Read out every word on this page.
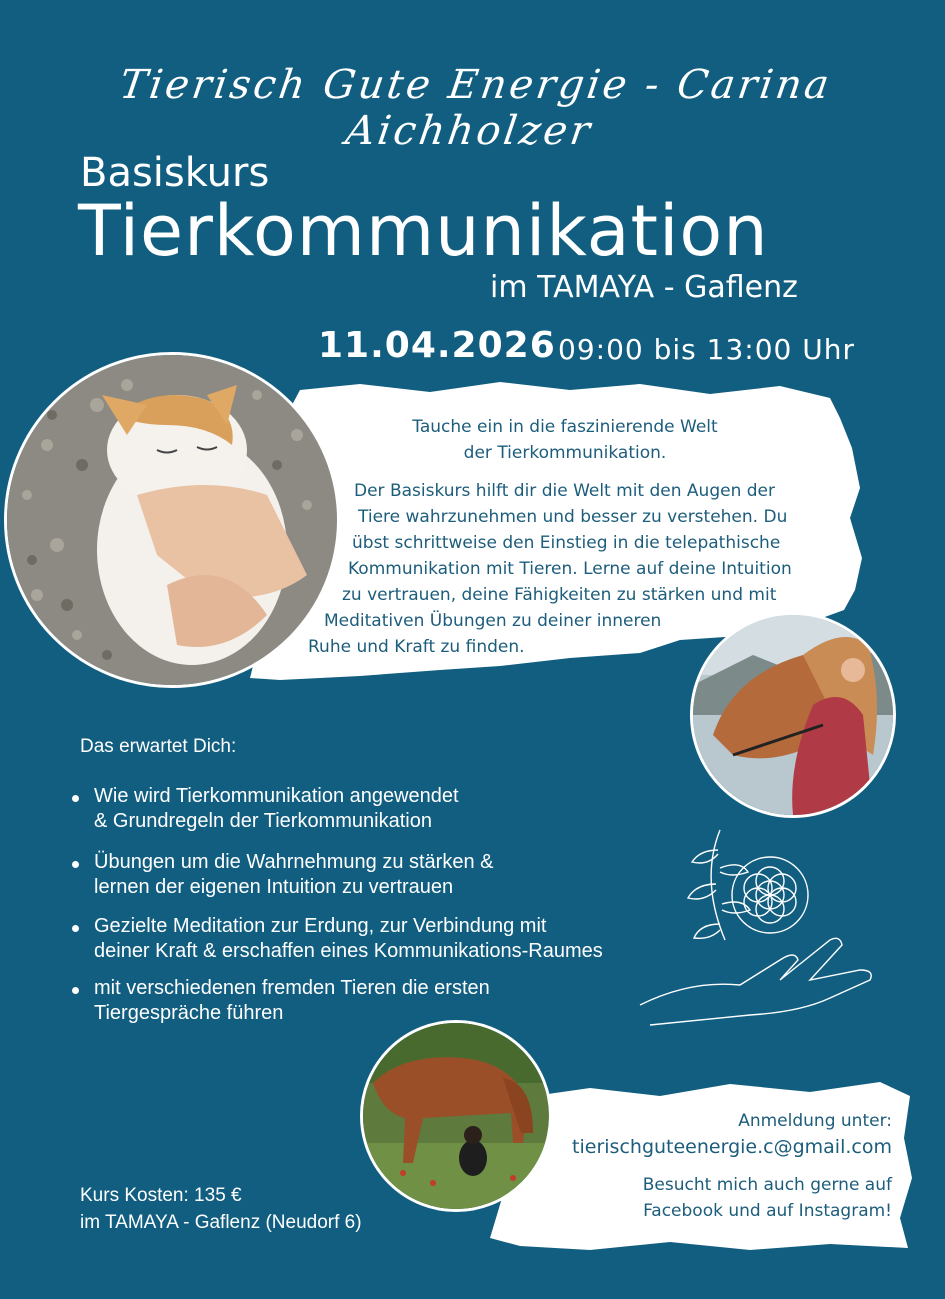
Tierisch Gute Energie - Carina Aichholzer
Basiskurs
Tierkommunikation
im TAMAYA - Gaflenz
11.04.2026 09:00 bis 13:00 Uhr
Tauche ein in die faszinierende Welt
der Tierkommunikation.
Der Basiskurs hilft dir die Welt mit den Augen der
Tiere wahrzunehmen und besser zu verstehen. Du
übst schrittweise den Einstieg in die telepathische
Kommunikation mit Tieren. Lerne auf deine Intuition
zu vertrauen, deine Fähigkeiten zu stärken und mit
Meditativen Übungen zu deiner inneren
Ruhe und Kraft zu finden.
Das erwartet Dich:
Wie wird Tierkommunikation angewendet
& Grundregeln der Tierkommunikation
Übungen um die Wahrnehmung zu stärken &
lernen der eigenen Intuition zu vertrauen
Gezielte Meditation zur Erdung, zur Verbindung mit
deiner Kraft & erschaffen eines Kommunikations-Raumes
mit verschiedenen fremden Tieren die ersten
Tiergespräche führen
Anmeldung unter:
tierischguteenergie.c@gmail.com
Besucht mich auch gerne auf
Facebook und auf Instagram!
Kurs Kosten: 135 €
im TAMAYA - Gaflenz (Neudorf 6)
